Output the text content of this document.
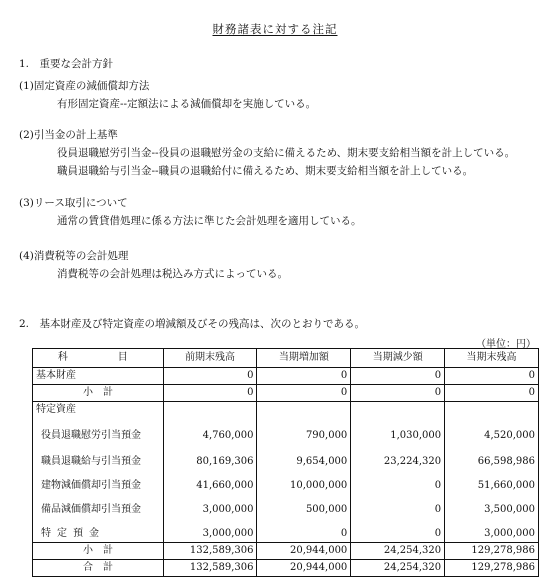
財務諸表に対する注記
1.　重要な会計方針
(1)固定資産の減価償却方法
有形固定資産--定額法による減価償却を実施している。
(2)引当金の計上基準
役員退職慰労引当金--役員の退職慰労金の支給に備えるため、期末要支給相当額を計上している。
職員退職給与引当金--職員の退職給付に備えるため、期末要支給相当額を計上している。
(3)リース取引について
通常の賃貸借処理に係る方法に準じた会計処理を適用している。
(4)消費税等の会計処理
消費税等の会計処理は税込み方式によっている。
2.　基本財産及び特定資産の増減額及びその残高は、次のとおりである。
（単位：円）
科　　目	前期末残高	当期増加額	当期減少額	当期末残高
基本財産	0	0	0	0
小　計	0	0	0	0
特定資産				

役員退職慰労引当預金	4,760,000	790,000	1,030,000	4,520,000

職員退職給与引当預金	80,169,306	9,654,000	23,224,320	66,598,986

建物減価償却引当預金	41,660,000	10,000,000	0	51,660,000

備品減価償却引当預金	3,000,000	500,000	0	3,500,000

特定預金	3,000,000	0	0	3,000,000
小　計	132,589,306	20,944,000	24,254,320	129,278,986
合　計	132,589,306	20,944,000	24,254,320	129,278,986
